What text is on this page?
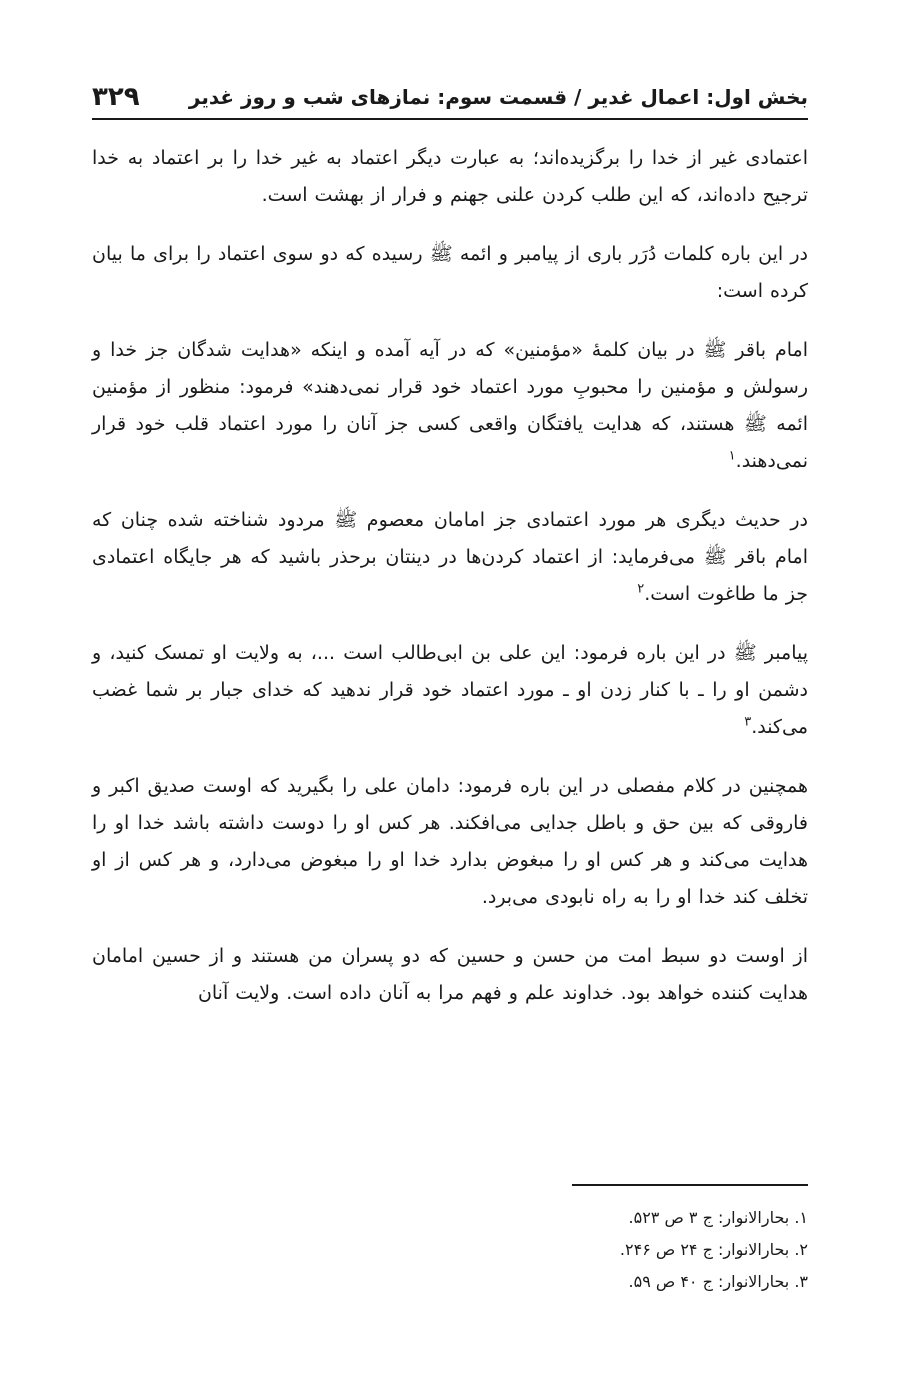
بخش اول: اعمال غدیر / قسمت سوم: نمازهای شب و روز غدیر
۳۲۹

اعتمادی غیر از خدا را برگزیده‌اند؛ به عبارت دیگر اعتماد به غیر خدا را بر اعتماد به خدا ترجیح داده‌اند، که این طلب کردن علنی جهنم و فرار از بهشت است.

در این باره کلمات دُرَر باری از پیامبر و ائمه ﷺ رسیده که دو سوی اعتماد را برای ما بیان کرده است:

امام باقر ﷺ در بیان کلمهٔ «مؤمنین» که در آیه آمده و اینکه «هدایت شدگان جز خدا و رسولش و مؤمنین را محبوبِ مورد اعتماد خود قرار نمی‌دهند» فرمود: منظور از مؤمنین ائمه ﷺ هستند، که هدایت یافتگان واقعی کسی جز آنان را مورد اعتماد قلب خود قرار نمی‌دهند.$^۱$

در حدیث دیگری هر مورد اعتمادی جز امامان معصوم ﷺ مردود شناخته شده چنان که امام باقر ﷺ می‌فرماید: از اعتماد کردن‌ها در دینتان برحذر باشید که هر جایگاه اعتمادی جز ما طاغوت است.$^۲$

پیامبر ﷺ در این باره فرمود: این علی بن ابی‌طالب است ...، به ولایت او تمسک کنید، و دشمن او را ـ با کنار زدن او ـ مورد اعتماد خود قرار ندهید که خدای جبار بر شما غضب می‌کند.$^۳$

همچنین در کلام مفصلی در این باره فرمود: دامان علی را بگیرید که اوست صدیق اکبر و فاروقی که بین حق و باطل جدایی می‌افکند. هر کس او را دوست داشته باشد خدا او را هدایت می‌کند و هر کس او را مبغوض بدارد خدا او را مبغوض می‌دارد، و هر کس از او تخلف کند خدا او را به راه نابودی می‌برد.

از اوست دو سبط امت من حسن و حسین که دو پسران من هستند و از حسین امامان هدایت کننده خواهد بود. خداوند علم و فهم مرا به آنان داده است. ولایت آنان

۱. بحارالانوار: ج ۳ ص ۵۲۳.

۲. بحارالانوار: ج ۲۴ ص ۲۴۶.

۳. بحارالانوار: ج ۴۰ ص ۵۹.
